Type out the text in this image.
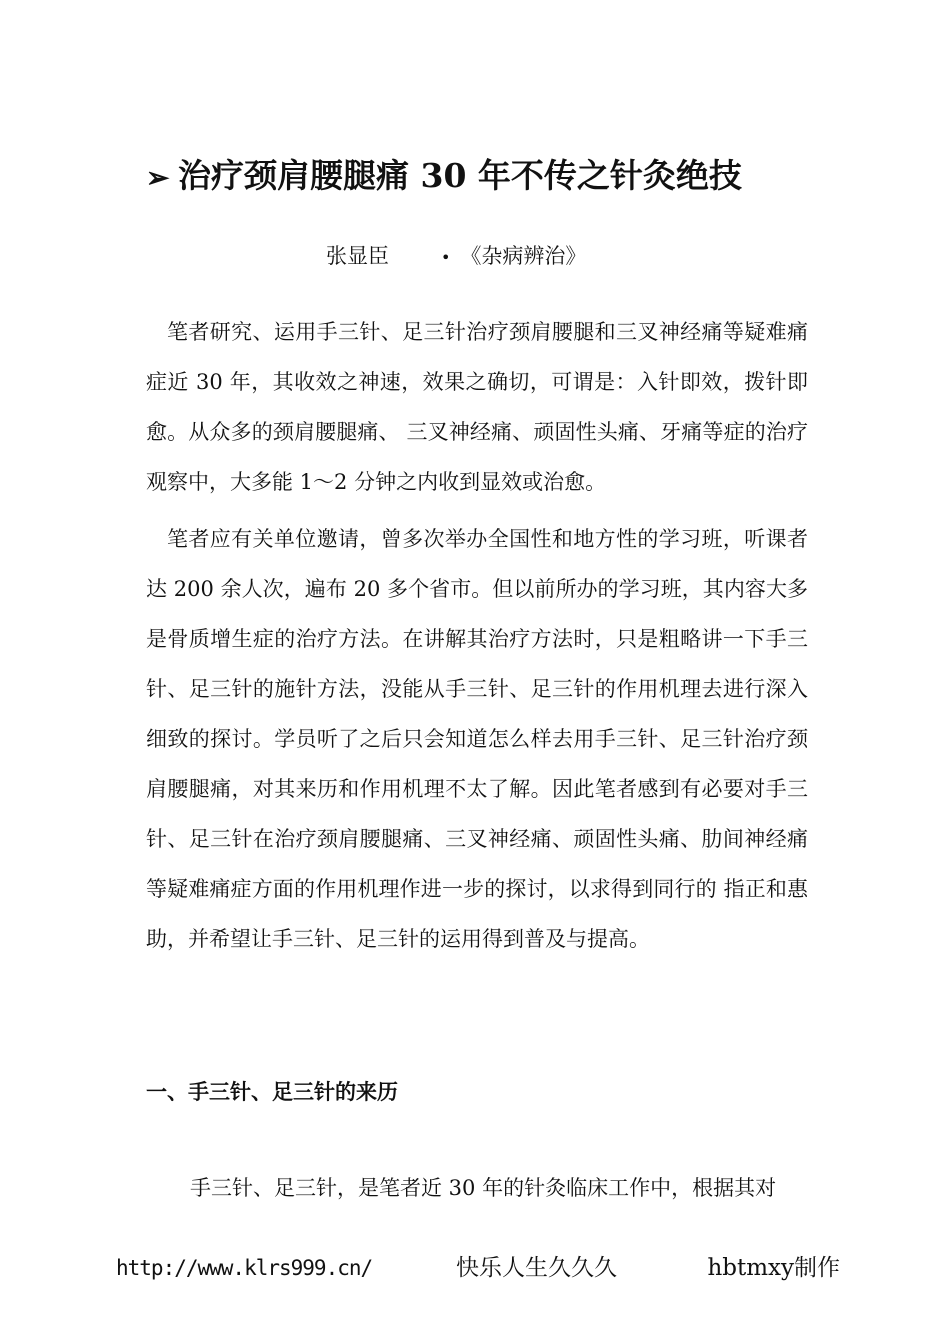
➢ 治疗颈肩腰腿痛 30 年不传之针灸绝技
张显臣	• 《杂病辨治》

笔者研究、运用手三针、足三针治疗颈肩腰腿和三叉神经痛等疑难痛症近 30 年，其收效之神速，效果之确切，可谓是：入针即效，拨针即愈。从众多的颈肩腰腿痛、 三叉神经痛、顽固性头痛、牙痛等症的治疗观察中，大多能 1～2 分钟之内收到显效或治愈。

笔者应有关单位邀请，曾多次举办全国性和地方性的学习班，听课者达 200 余人次，遍布 20 多个省市。但以前所办的学习班，其内容大多是骨质增生症的治疗方法。在讲解其治疗方法时，只是粗略讲一下手三针、足三针的施针方法，没能从手三针、足三针的作用机理去进行深入细致的探讨。学员听了之后只会知道怎么样去用手三针、足三针治疗颈肩腰腿痛，对其来历和作用机理不太了解。因此笔者感到有必要对手三针、足三针在治疗颈肩腰腿痛、三叉神经痛、顽固性头痛、肋间神经痛等疑难痛症方面的作用机理作进一步的探讨，以求得到同行的 指正和惠助，并希望让手三针、足三针的运用得到普及与提高。

一、手三针、足三针的来历

手三针、足三针，是笔者近 30 年的针灸临床工作中，根据其对

http://www.klrs999.cn/	快乐人生久久久	hbtmxy制作
